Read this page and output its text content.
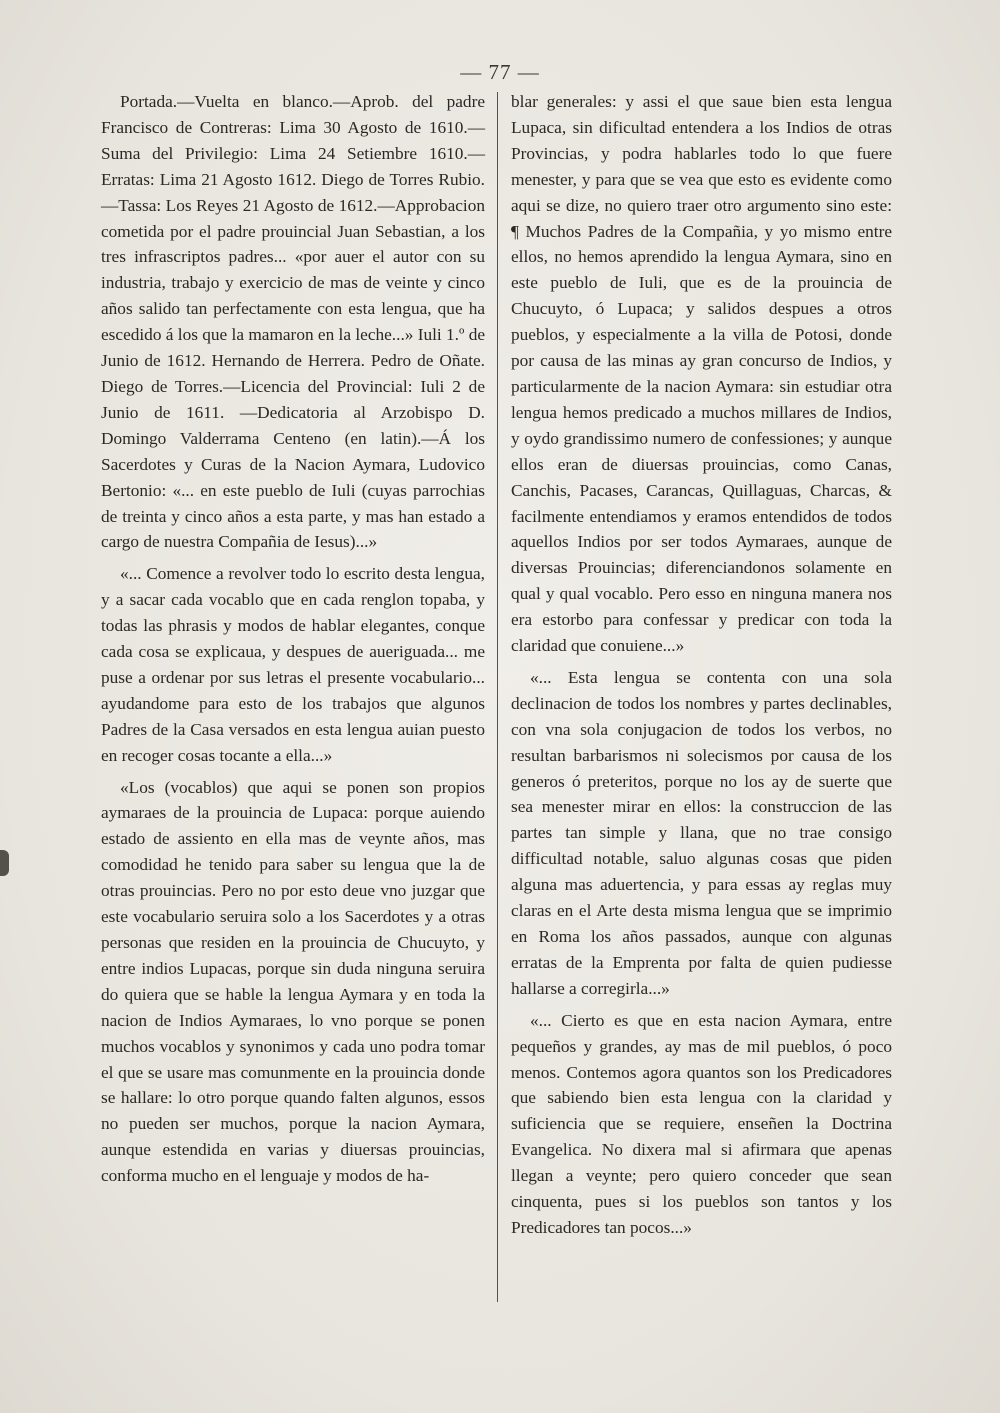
— 77 —

Portada.—Vuelta en blanco.—Aprob. del padre Francisco de Contreras: Lima 30 Agosto de 1610.—Suma del Privilegio: Lima 24 Setiembre 1610.—Erratas: Lima 21 Agosto 1612. Diego de Torres Rubio.—Tassa: Los Reyes 21 Agosto de 1612.—Approbacion cometida por el padre prouincial Juan Sebastian, a los tres infrascriptos padres... «por auer el autor con su industria, trabajo y exercicio de mas de veinte y cinco años salido tan perfectamente con esta lengua, que ha escedido á los que la mamaron en la leche...» Iuli 1.º de Junio de 1612. Hernando de Herrera. Pedro de Oñate. Diego de Torres.—Licencia del Provincial: Iuli 2 de Junio de 1611. —Dedicatoria al Arzobispo D. Domingo Valderrama Centeno (en latin).—Á los Sacerdotes y Curas de la Nacion Aymara, Ludovico Bertonio: «... en este pueblo de Iuli (cuyas parrochias de treinta y cinco años a esta parte, y mas han estado a cargo de nuestra Compañia de Iesus)...»

«... Comence a revolver todo lo escrito desta lengua, y a sacar cada vocablo que en cada renglon topaba, y todas las phrasis y modos de hablar elegantes, conque cada cosa se explicaua, y despues de aueriguada... me puse a ordenar por sus letras el presente vocabulario... ayudandome para esto de los trabajos que algunos Padres de la Casa versados en esta lengua auian puesto en recoger cosas tocante a ella...»

«Los (vocablos) que aqui se ponen son propios aymaraes de la prouincia de Lupaca: porque auiendo estado de assiento en ella mas de veynte años, mas comodidad he tenido para saber su lengua que la de otras prouincias. Pero no por esto deue vno juzgar que este vocabulario seruira solo a los Sacerdotes y a otras personas que residen en la prouincia de Chucuyto, y entre indios Lupacas, porque sin duda ninguna seruira do quiera que se hable la lengua Aymara y en toda la nacion de Indios Aymaraes, lo vno porque se ponen muchos vocablos y synonimos y cada uno podra tomar el que se usare mas comunmente en la prouincia donde se hallare: lo otro porque quando falten algunos, essos no pueden ser muchos, porque la nacion Aymara, aunque estendida en varias y diuersas prouincias, conforma mucho en el lenguaje y modos de ha-

blar generales: y assi el que saue bien esta lengua Lupaca, sin dificultad entendera a los Indios de otras Provincias, y podra hablarles todo lo que fuere menester, y para que se vea que esto es evidente como aqui se dize, no quiero traer otro argumento sino este: ¶ Muchos Padres de la Compañia, y yo mismo entre ellos, no hemos aprendido la lengua Aymara, sino en este pueblo de Iuli, que es de la prouincia de Chucuyto, ó Lupaca; y salidos despues a otros pueblos, y especialmente a la villa de Potosi, donde por causa de las minas ay gran concurso de Indios, y particularmente de la nacion Aymara: sin estudiar otra lengua hemos predicado a muchos millares de Indios, y oydo grandissimo numero de confessiones; y aunque ellos eran de diuersas prouincias, como Canas, Canchis, Pacases, Carancas, Quillaguas, Charcas, & facilmente entendiamos y eramos entendidos de todos aquellos Indios por ser todos Aymaraes, aunque de diversas Prouincias; diferenciandonos solamente en qual y qual vocablo. Pero esso en ninguna manera nos era estorbo para confessar y predicar con toda la claridad que conuiene...»

«... Esta lengua se contenta con una sola declinacion de todos los nombres y partes declinables, con vna sola conjugacion de todos los verbos, no resultan barbarismos ni solecismos por causa de los generos ó preteritos, porque no los ay de suerte que sea menester mirar en ellos: la construccion de las partes tan simple y llana, que no trae consigo difficultad notable, saluo algunas cosas que piden alguna mas aduertencia, y para essas ay reglas muy claras en el Arte desta misma lengua que se imprimio en Roma los años passados, aunque con algunas erratas de la Emprenta por falta de quien pudiesse hallarse a corregirla...»

«... Cierto es que en esta nacion Aymara, entre pequeños y grandes, ay mas de mil pueblos, ó poco menos. Contemos agora quantos son los Predicadores que sabiendo bien esta lengua con la claridad y suficiencia que se requiere, enseñen la Doctrina Evangelica. No dixera mal si afirmara que apenas llegan a veynte; pero quiero conceder que sean cinquenta, pues si los pueblos son tantos y los Predicadores tan pocos...»
